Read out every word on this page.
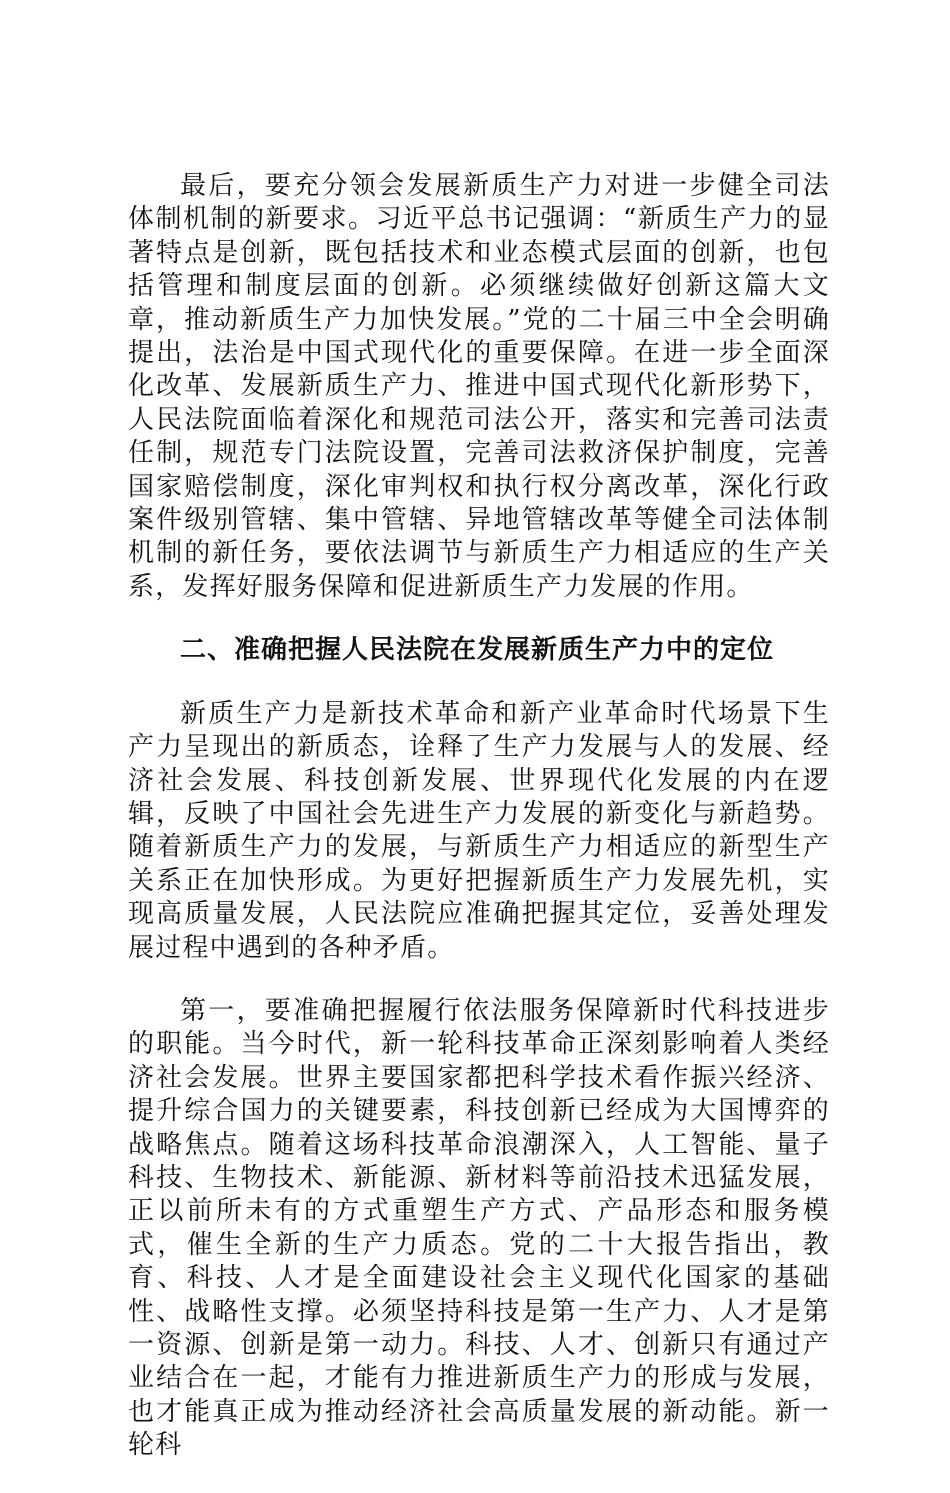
最后，要充分领会发展新质生产力对进一步健全司法体制机制的新要求。习近平总书记强调：“新质生产力的显著特点是创新，既包括技术和业态模式层面的创新，也包括管理和制度层面的创新。必须继续做好创新这篇大文章，推动新质生产力加快发展。”党的二十届三中全会明确提出，法治是中国式现代化的重要保障。在进一步全面深化改革、发展新质生产力、推进中国式现代化新形势下，人民法院面临着深化和规范司法公开，落实和完善司法责任制，规范专门法院设置，完善司法救济保护制度，完善国家赔偿制度，深化审判权和执行权分离改革，深化行政案件级别管辖、集中管辖、异地管辖改革等健全司法体制机制的新任务，要依法调节与新质生产力相适应的生产关系，发挥好服务保障和促进新质生产力发展的作用。

二、准确把握人民法院在发展新质生产力中的定位

新质生产力是新技术革命和新产业革命时代场景下生产力呈现出的新质态，诠释了生产力发展与人的发展、经济社会发展、科技创新发展、世界现代化发展的内在逻辑，反映了中国社会先进生产力发展的新变化与新趋势。随着新质生产力的发展，与新质生产力相适应的新型生产关系正在加快形成。为更好把握新质生产力发展先机，实现高质量发展，人民法院应准确把握其定位，妥善处理发展过程中遇到的各种矛盾。

第一，要准确把握履行依法服务保障新时代科技进步的职能。当今时代，新一轮科技革命正深刻影响着人类经济社会发展。世界主要国家都把科学技术看作振兴经济、提升综合国力的关键要素，科技创新已经成为大国博弈的战略焦点。随着这场科技革命浪潮深入，人工智能、量子科技、生物技术、新能源、新材料等前沿技术迅猛发展，正以前所未有的方式重塑生产方式、产品形态和服务模式，催生全新的生产力质态。党的二十大报告指出，教育、科技、人才是全面建设社会主义现代化国家的基础性、战略性支撑。必须坚持科技是第一生产力、人才是第一资源、创新是第一动力。科技、人才、创新只有通过产业结合在一起，才能有力推进新质生产力的形成与发展，也才能真正成为推动经济社会高质量发展的新动能。新一轮科
